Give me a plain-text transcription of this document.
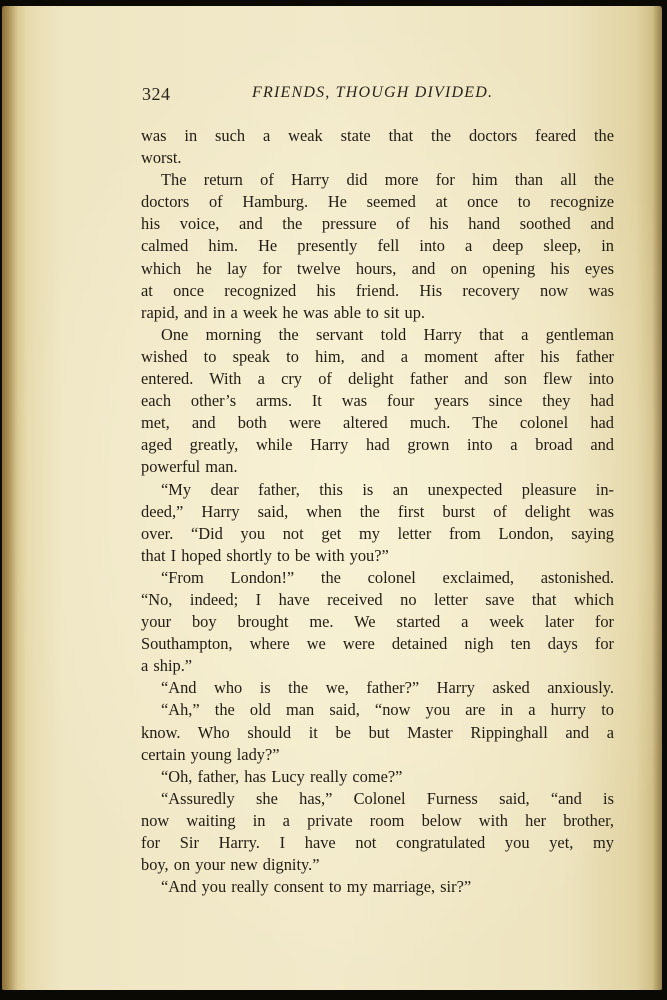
324	FRIENDS, THOUGH DIVIDED.

was in such a weak state that the doctors feared the

worst.

The return of Harry did more for him than all the

doctors of Hamburg. He seemed at once to recognize

his voice, and the pressure of his hand soothed and

calmed him. He presently fell into a deep sleep, in

which he lay for twelve hours, and on opening his eyes

at once recognized his friend. His recovery now was

rapid, and in a week he was able to sit up.

One morning the servant told Harry that a gentleman

wished to speak to him, and a moment after his father

entered. With a cry of delight father and son flew into

each other’s arms. It was four years since they had

met, and both were altered much. The colonel had

aged greatly, while Harry had grown into a broad and

powerful man.

“My dear father, this is an unexpected pleasure in-

deed,” Harry said, when the first burst of delight was

over. “Did you not get my letter from London, saying

that I hoped shortly to be with you?”

“From London!” the colonel exclaimed, astonished.

“No, indeed; I have received no letter save that which

your boy brought me. We started a week later for

Southampton, where we were detained nigh ten days for

a ship.”

“And who is the we, father?” Harry asked anxiously.

“Ah,” the old man said, “now you are in a hurry to

know. Who should it be but Master Rippinghall and a

certain young lady?”

“Oh, father, has Lucy really come?”

“Assuredly she has,” Colonel Furness said, “and is

now waiting in a private room below with her brother,

for Sir Harry. I have not congratulated you yet, my

boy, on your new dignity.”

“And you really consent to my marriage, sir?”
